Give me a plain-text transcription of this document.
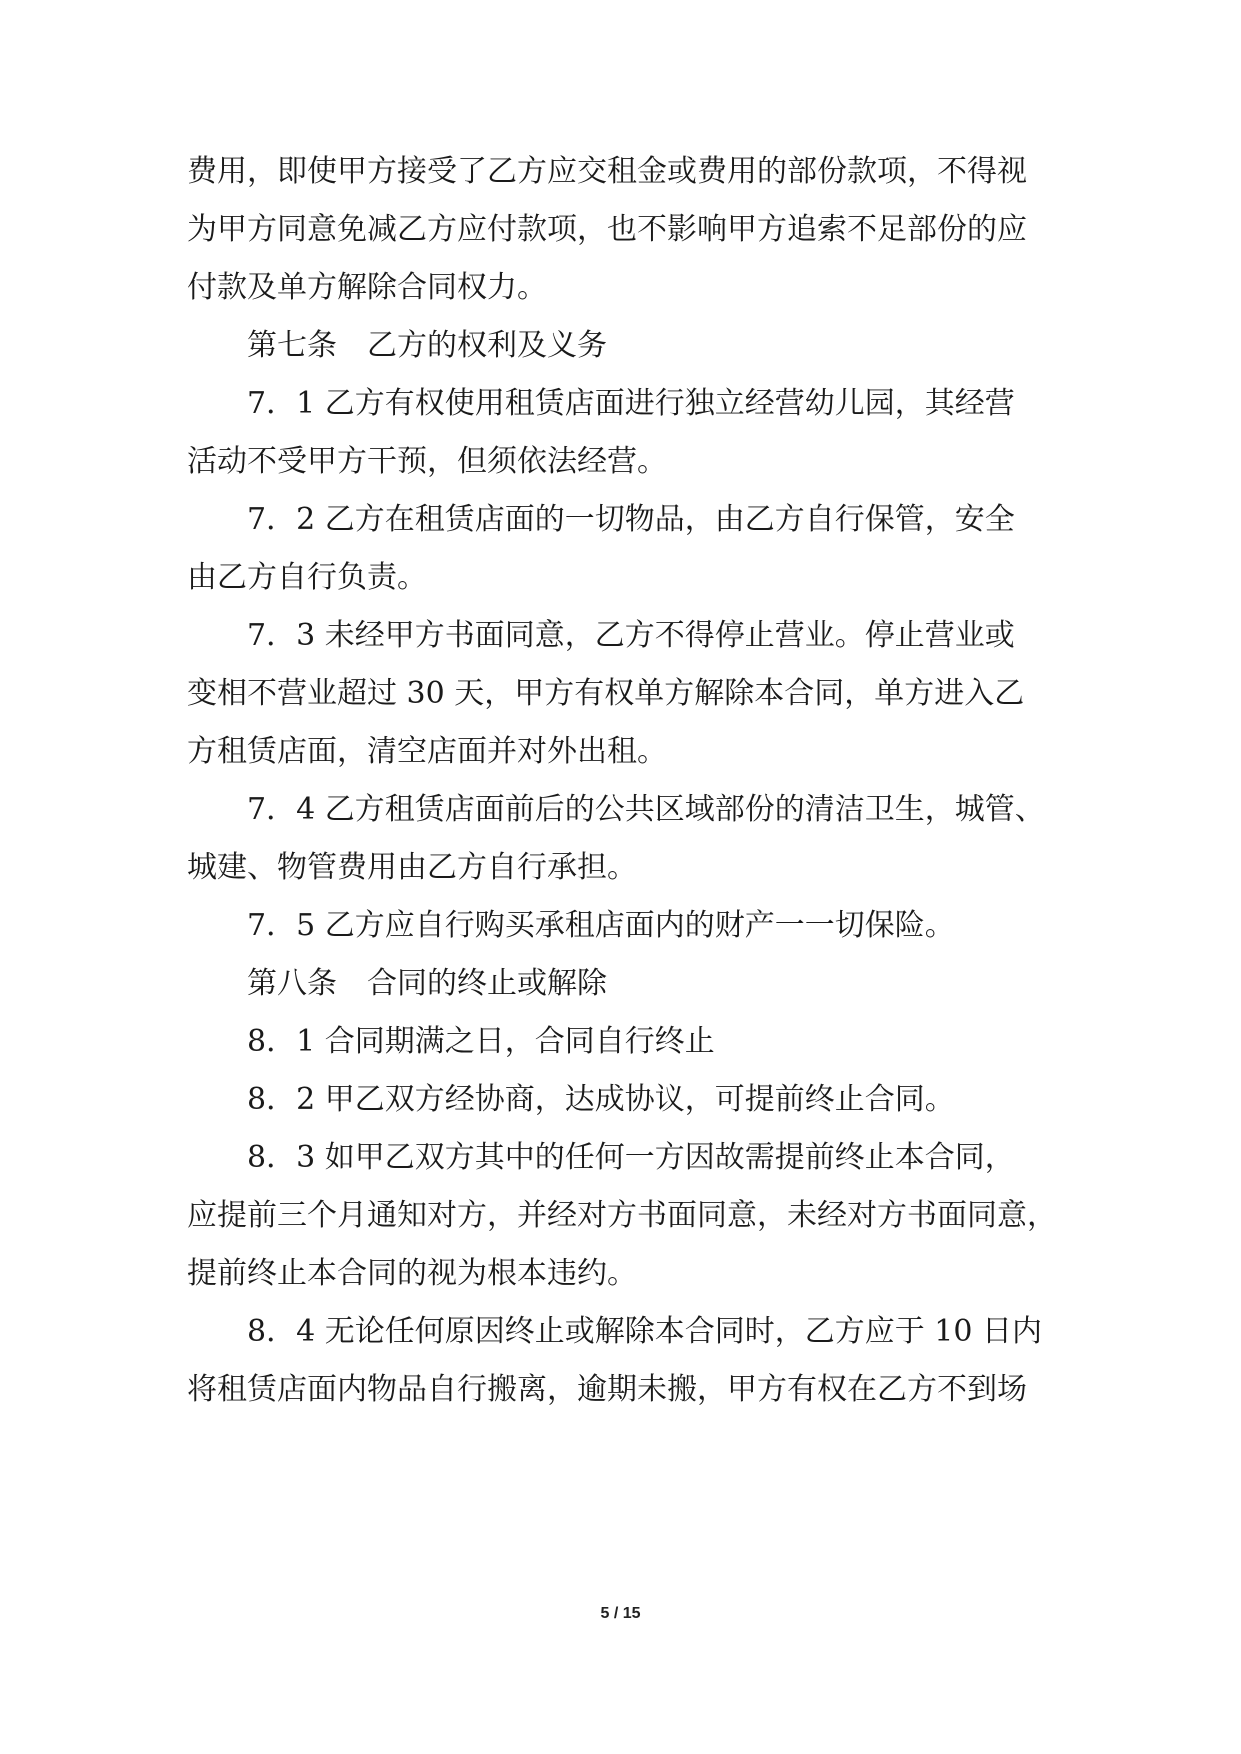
费用，即使甲方接受了乙方应交租金或费用的部份款项，不得视
为甲方同意免减乙方应付款项，也不影响甲方追索不足部份的应
付款及单方解除合同权力。
第七条　乙方的权利及义务
7．1 乙方有权使用租赁店面进行独立经营幼儿园，其经营
活动不受甲方干预，但须依法经营。
7．2 乙方在租赁店面的一切物品，由乙方自行保管，安全
由乙方自行负责。
7．3 未经甲方书面同意，乙方不得停止营业。停止营业或
变相不营业超过 30 天，甲方有权单方解除本合同，单方进入乙
方租赁店面，清空店面并对外出租。
7．4 乙方租赁店面前后的公共区域部份的清洁卫生，城管、
城建、物管费用由乙方自行承担。
7．5 乙方应自行购买承租店面内的财产一一切保险。
第八条　合同的终止或解除
8．1 合同期满之日，合同自行终止
8．2 甲乙双方经协商，达成协议，可提前终止合同。
8．3 如甲乙双方其中的任何一方因故需提前终止本合同，
应提前三个月通知对方，并经对方书面同意，未经对方书面同意，
提前终止本合同的视为根本违约。
8．4 无论任何原因终止或解除本合同时，乙方应于 10 日内
将租赁店面内物品自行搬离，逾期未搬，甲方有权在乙方不到场
5 / 15
